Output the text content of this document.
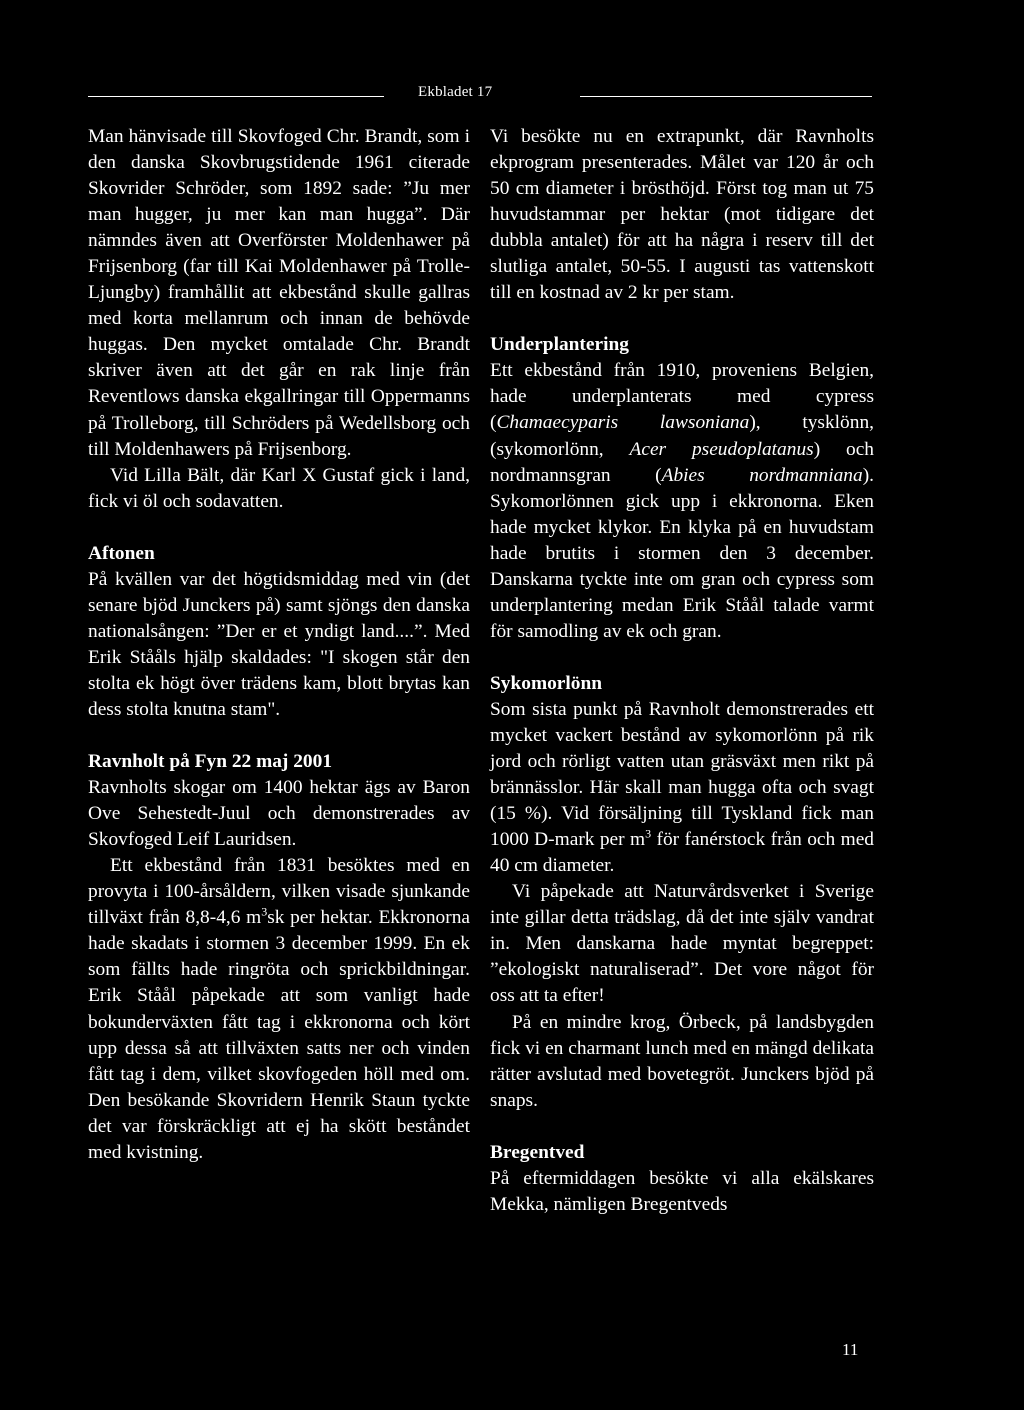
Ekbladet 17

Man hänvisade till Skovfoged Chr. Brandt, som i den danska Skovbrugstidende 1961 citerade Skovrider Schröder, som 1892 sade: ”Ju mer man hugger, ju mer kan man hugga”. Där nämndes även att Overförster Moldenhawer på Frijsenborg (far till Kai Moldenhawer på Trolle-Ljungby) framhållit att ekbestånd skulle gallras med korta mellanrum och innan de behövde huggas. Den mycket omtalade Chr. Brandt skriver även att det går en rak linje från Reventlows danska ekgallringar till Oppermanns på Trolleborg, till Schröders på Wedellsborg och till Moldenhawers på Frijsenborg.

Vid Lilla Bält, där Karl X Gustaf gick i land, fick vi öl och sodavatten.

Aftonen

På kvällen var det högtidsmiddag med vin (det senare bjöd Junckers på) samt sjöngs den danska nationalsången: ”Der er et yndigt land....”. Med Erik Stååls hjälp skaldades: "I skogen står den stolta ek högt över trädens kam, blott brytas kan dess stolta knutna stam".

Ravnholt på Fyn 22 maj 2001

Ravnholts skogar om 1400 hektar ägs av Baron Ove Sehestedt-Juul och demonstrerades av Skovfoged Leif Lauridsen.

Ett ekbestånd från 1831 besöktes med en provyta i 100-årsåldern, vilken visade sjunkande tillväxt från 8,8-4,6 $m^3sk$ per hektar. Ekkronorna hade skadats i stormen 3 december 1999. En ek som fällts hade ringröta och sprickbildningar. Erik Ståål påpekade att som vanligt hade bokunderväxten fått tag i ekkronorna och kört upp dessa så att tillväxten satts ner och vinden fått tag i dem, vilket skovfogeden höll med om. Den besökande Skovridern Henrik Staun tyckte det var förskräckligt att ej ha skött beståndet med kvistning.

Vi besökte nu en extrapunkt, där Ravnholts ekprogram presenterades. Målet var 120 år och 50 cm diameter i brösthöjd. Först tog man ut 75 huvudstammar per hektar (mot tidigare det dubbla antalet) för att ha några i reserv till det slutliga antalet, 50-55. I augusti tas vattenskott till en kostnad av 2 kr per stam.

Underplantering

Ett ekbestånd från 1910, proveniens Belgien, hade underplanterats med cypress (Chamaecyparis lawsoniana), tysklönn, (sykomorlönn, Acer pseudoplatanus) och nordmannsgran (Abies nordmanniana). Sykomorlönnen gick upp i ekkronorna. Eken hade mycket klykor. En klyka på en huvudstam hade brutits i stormen den 3 december. Danskarna tyckte inte om gran och cypress som underplantering medan Erik Ståål talade varmt för samodling av ek och gran.

Sykomorlönn

Som sista punkt på Ravnholt demonstrerades ett mycket vackert bestånd av sykomorlönn på rik jord och rörligt vatten utan gräsväxt men rikt på brännässlor. Här skall man hugga ofta och svagt (15 %). Vid försäljning till Tyskland fick man 1000 D-mark per $m^3$ för fanérstock från och med 40 cm diameter.

Vi påpekade att Naturvårdsverket i Sverige inte gillar detta trädslag, då det inte själv vandrat in. Men danskarna hade myntat begreppet: ”ekologiskt naturaliserad”. Det vore något för oss att ta efter!

På en mindre krog, Örbeck, på landsbygden fick vi en charmant lunch med en mängd delikata rätter avslutad med bovetegröt. Junckers bjöd på snaps.

Bregentved

På eftermiddagen besökte vi alla ekälskares Mekka, nämligen Bregentveds

11
